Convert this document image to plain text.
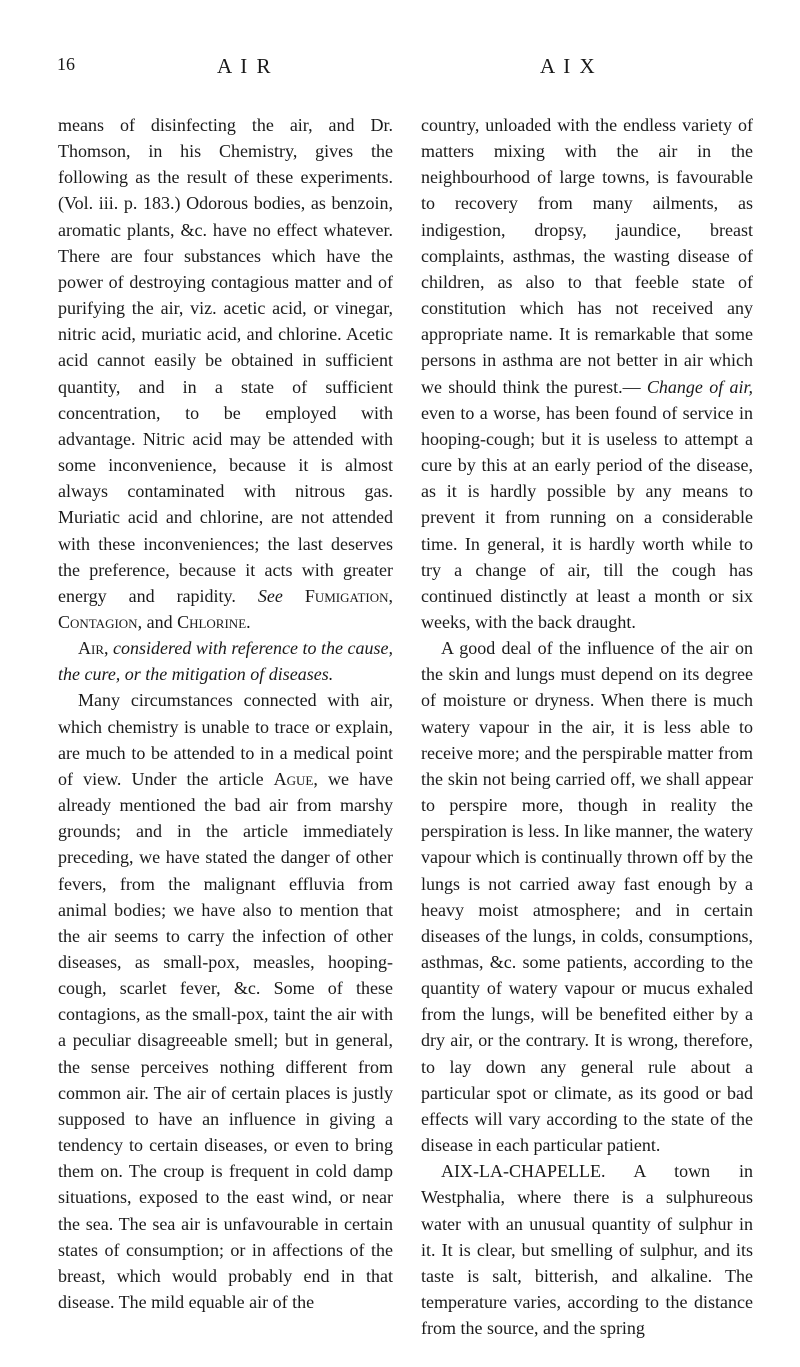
16	A I R	A I X

means of disinfecting the air, and Dr. Thomson, in his Chemistry, gives the following as the result of these experiments. (Vol. iii. p. 183.) Odorous bodies, as benzoin, aromatic plants, &c. have no effect whatever. There are four substances which have the power of destroying contagious matter and of purifying the air, viz. acetic acid, or vinegar, nitric acid, muriatic acid, and chlorine. Acetic acid cannot easily be obtained in sufficient quantity, and in a state of sufficient concentration, to be employed with advantage. Nitric acid may be attended with some inconvenience, because it is almost always contaminated with nitrous gas. Muriatic acid and chlorine, are not attended with these inconveniences; the last deserves the preference, because it acts with greater energy and rapidity. See Fumigation, Contagion, and Chlorine.

Air, considered with reference to the cause, the cure, or the mitigation of diseases.

Many circumstances connected with air, which chemistry is unable to trace or explain, are much to be attended to in a medical point of view. Under the article Ague, we have already mentioned the bad air from marshy grounds; and in the article immediately preceding, we have stated the danger of other fevers, from the malignant effluvia from animal bodies; we have also to mention that the air seems to carry the infection of other diseases, as small-pox, measles, hooping-cough, scarlet fever, &c. Some of these contagions, as the small-pox, taint the air with a peculiar disagreeable smell; but in general, the sense perceives nothing different from common air. The air of certain places is justly supposed to have an influence in giving a tendency to certain diseases, or even to bring them on. The croup is frequent in cold damp situations, exposed to the east wind, or near the sea. The sea air is unfavourable in certain states of consumption; or in affections of the breast, which would probably end in that disease. The mild equable air of the

country, unloaded with the endless variety of matters mixing with the air in the neighbourhood of large towns, is favourable to recovery from many ailments, as indigestion, dropsy, jaundice, breast complaints, asthmas, the wasting disease of children, as also to that feeble state of constitution which has not received any appropriate name. It is remarkable that some persons in asthma are not better in air which we should think the purest.— Change of air, even to a worse, has been found of service in hooping-cough; but it is useless to attempt a cure by this at an early period of the disease, as it is hardly possible by any means to prevent it from running on a considerable time. In general, it is hardly worth while to try a change of air, till the cough has continued distinctly at least a month or six weeks, with the back draught.

A good deal of the influence of the air on the skin and lungs must depend on its degree of moisture or dryness. When there is much watery vapour in the air, it is less able to receive more; and the perspirable matter from the skin not being carried off, we shall appear to perspire more, though in reality the perspiration is less. In like manner, the watery vapour which is continually thrown off by the lungs is not carried away fast enough by a heavy moist atmosphere; and in certain diseases of the lungs, in colds, consumptions, asthmas, &c. some patients, according to the quantity of watery vapour or mucus exhaled from the lungs, will be benefited either by a dry air, or the contrary. It is wrong, therefore, to lay down any general rule about a particular spot or climate, as its good or bad effects will vary according to the state of the disease in each particular patient.

AIX-LA-CHAPELLE. A town in Westphalia, where there is a sulphureous water with an unusual quantity of sulphur in it. It is clear, but smelling of sulphur, and its taste is salt, bitterish, and alkaline. The temperature varies, according to the distance from the source, and the spring
